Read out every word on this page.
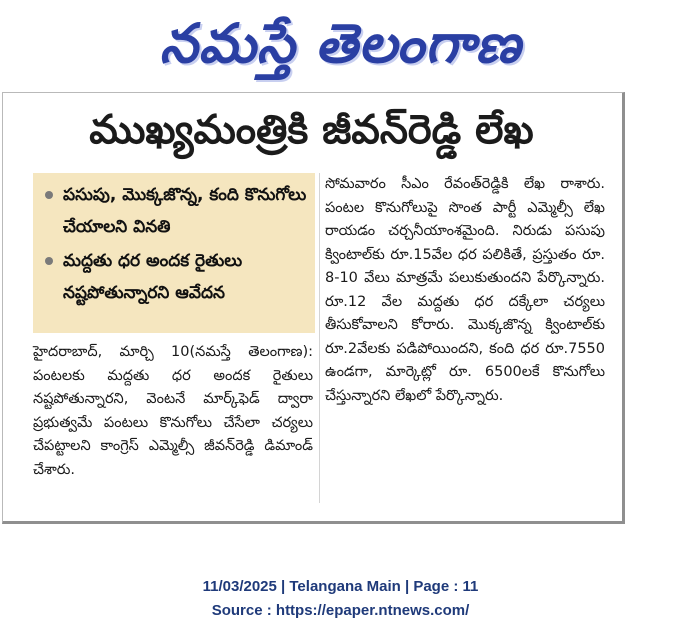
నమస్తే తెలంగాణ
ముఖ్యమంత్రికి జీవన్‌రెడ్డి లేఖ
పసుపు, మొక్కజొన్న, కంది కొనుగోలు చేయాలని వినతి
మద్దతు ధర అందక రైతులు నష్టపోతున్నారని ఆవేదన
హైదరాబాద్, మార్చి 10(నమస్తే తెలంగాణ): పంటలకు మద్దతు ధర అందక రైతులు నష్టపోతున్నారని, వెంటనే మార్క్‌ఫెడ్ ద్వారా ప్రభుత్వమే పంటలు కొనుగోలు చేసేలా చర్యలు చేపట్టాలని కాంగ్రెస్ ఎమ్మెల్సీ జీవన్‌రెడ్డి డిమాండ్ చేశారు.
సోమవారం సీఎం రేవంత్‌రెడ్డికి లేఖ రాశారు. పంటల కొనుగోలుపై సొంత పార్టీ ఎమ్మెల్సీ లేఖ రాయడం చర్చనీయాంశమైంది. నిరుడు పసుపు క్వింటాల్‌కు రూ.15వేల ధర పలికితే, ప్రస్తుతం రూ. 8-10 వేలు మాత్రమే పలుకుతుందని పేర్కొన్నారు. రూ.12 వేల మద్దతు ధర దక్కేలా చర్యలు తీసుకోవాలని కోరారు. మొక్కజొన్న క్వింటాల్‌కు రూ.2వేలకు పడిపోయిందని, కంది ధర రూ.7550 ఉండగా, మార్కెట్లో రూ. 6500లకే కొనుగోలు చేస్తున్నారని లేఖలో పేర్కొన్నారు.
11/03/2025 | Telangana Main | Page : 11
Source : https://epaper.ntnews.com/
